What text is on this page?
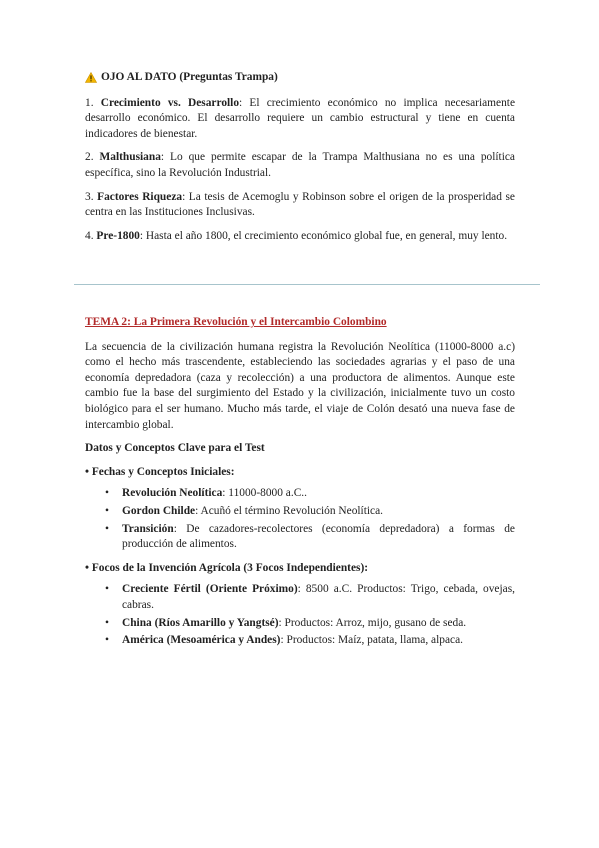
OJO AL DATO (Preguntas Trampa)

1. Crecimiento vs. Desarrollo: El crecimiento económico no implica necesariamente desarrollo económico. El desarrollo requiere un cambio estructural y tiene en cuenta indicadores de bienestar.

2. Malthusiana: Lo que permite escapar de la Trampa Malthusiana no es una política específica, sino la Revolución Industrial.

3. Factores Riqueza: La tesis de Acemoglu y Robinson sobre el origen de la prosperidad se centra en las Instituciones Inclusivas.

4. Pre-1800: Hasta el año 1800, el crecimiento económico global fue, en general, muy lento.

TEMA 2: La Primera Revolución y el Intercambio Colombino

La secuencia de la civilización humana registra la Revolución Neolítica (11000-8000 a.c) como el hecho más trascendente, estableciendo las sociedades agrarias y el paso de una economía depredadora (caza y recolección) a una productora de alimentos. Aunque este cambio fue la base del surgimiento del Estado y la civilización, inicialmente tuvo un costo biológico para el ser humano. Mucho más tarde, el viaje de Colón desató una nueva fase de intercambio global.

Datos y Conceptos Clave para el Test

• Fechas y Conceptos Iniciales:

• Revolución Neolítica: 11000-8000 a.C..
• Gordon Childe: Acuñó el término Revolución Neolítica.
• Transición: De cazadores-recolectores (economía depredadora) a formas de producción de alimentos.

• Focos de la Invención Agrícola (3 Focos Independientes):

• Creciente Fértil (Oriente Próximo): 8500 a.C. Productos: Trigo, cebada, ovejas, cabras.
• China (Ríos Amarillo y Yangtsé): Productos: Arroz, mijo, gusano de seda.
• América (Mesoamérica y Andes): Productos: Maíz, patata, llama, alpaca.
